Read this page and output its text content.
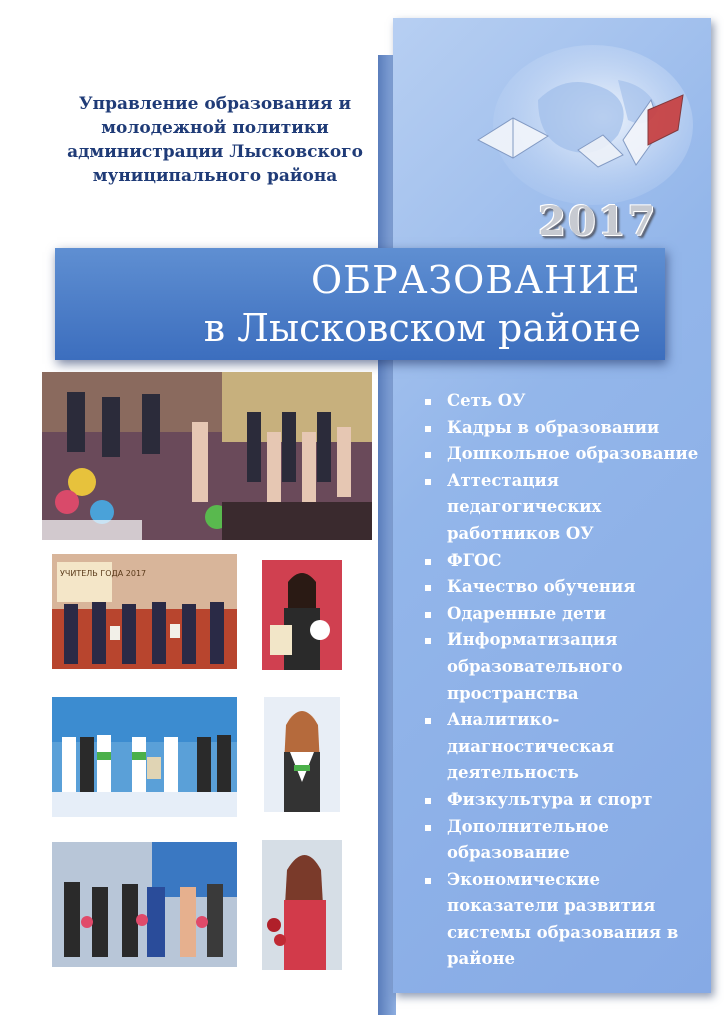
Управление образования и
молодежной политики
администрации Лысковского
муниципального района
2017
ОБРАЗОВАНИЕ
в Лысковском районе
УЧИТЕЛЬ ГОДА 2017
Сеть ОУ
Кадры в образовании
Дошкольное образование
Аттестация педагогических работников ОУ
ФГОС
Качество обучения
Одаренные дети
Информатизация образовательного пространства
Аналитико-диагностическая деятельность
Физкультура и спорт
Дополнительное образование
Экономические показатели развития системы образования в районе
